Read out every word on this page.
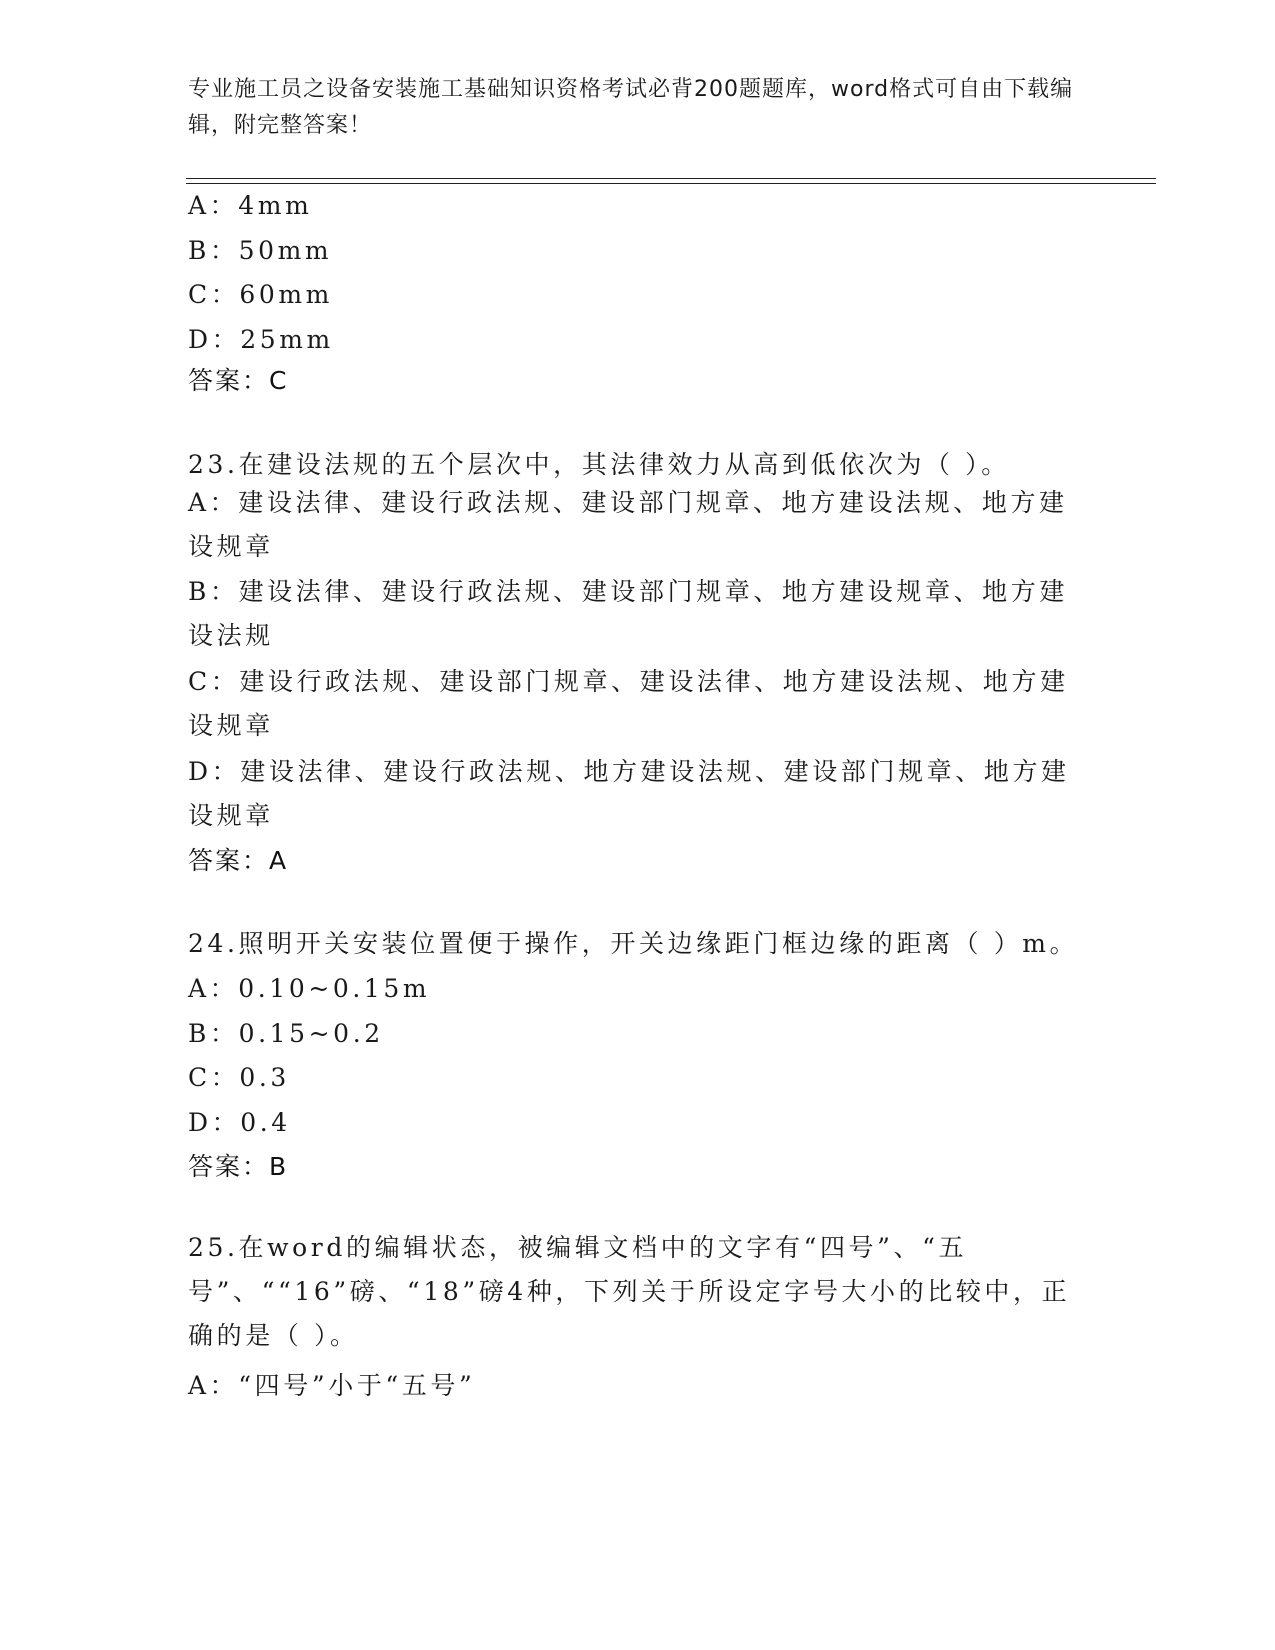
专业施工员之设备安装施工基础知识资格考试必背200题题库，word格式可自由下载编辑，附完整答案！
A：4mm
B：50mm
C：60mm
D：25mm
答案：C
23.在建设法规的五个层次中，其法律效力从高到低依次为（ ）。
A：建设法律、建设行政法规、建设部门规章、地方建设法规、地方建设规章
B：建设法律、建设行政法规、建设部门规章、地方建设规章、地方建设法规
C：建设行政法规、建设部门规章、建设法律、地方建设法规、地方建设规章
D：建设法律、建设行政法规、地方建设法规、建设部门规章、地方建设规章
答案：A
24.照明开关安装位置便于操作，开关边缘距门框边缘的距离（ ）m。
A：0.10~0.15m
B：0.15~0.2
C：0.3
D：0.4
答案：B
25.在word的编辑状态，被编辑文档中的文字有“四号”、“五号”、““16”磅、“18”磅4种，下列关于所设定字号大小的比较中，正确的是（ ）。
A：“四号”小于“五号”
